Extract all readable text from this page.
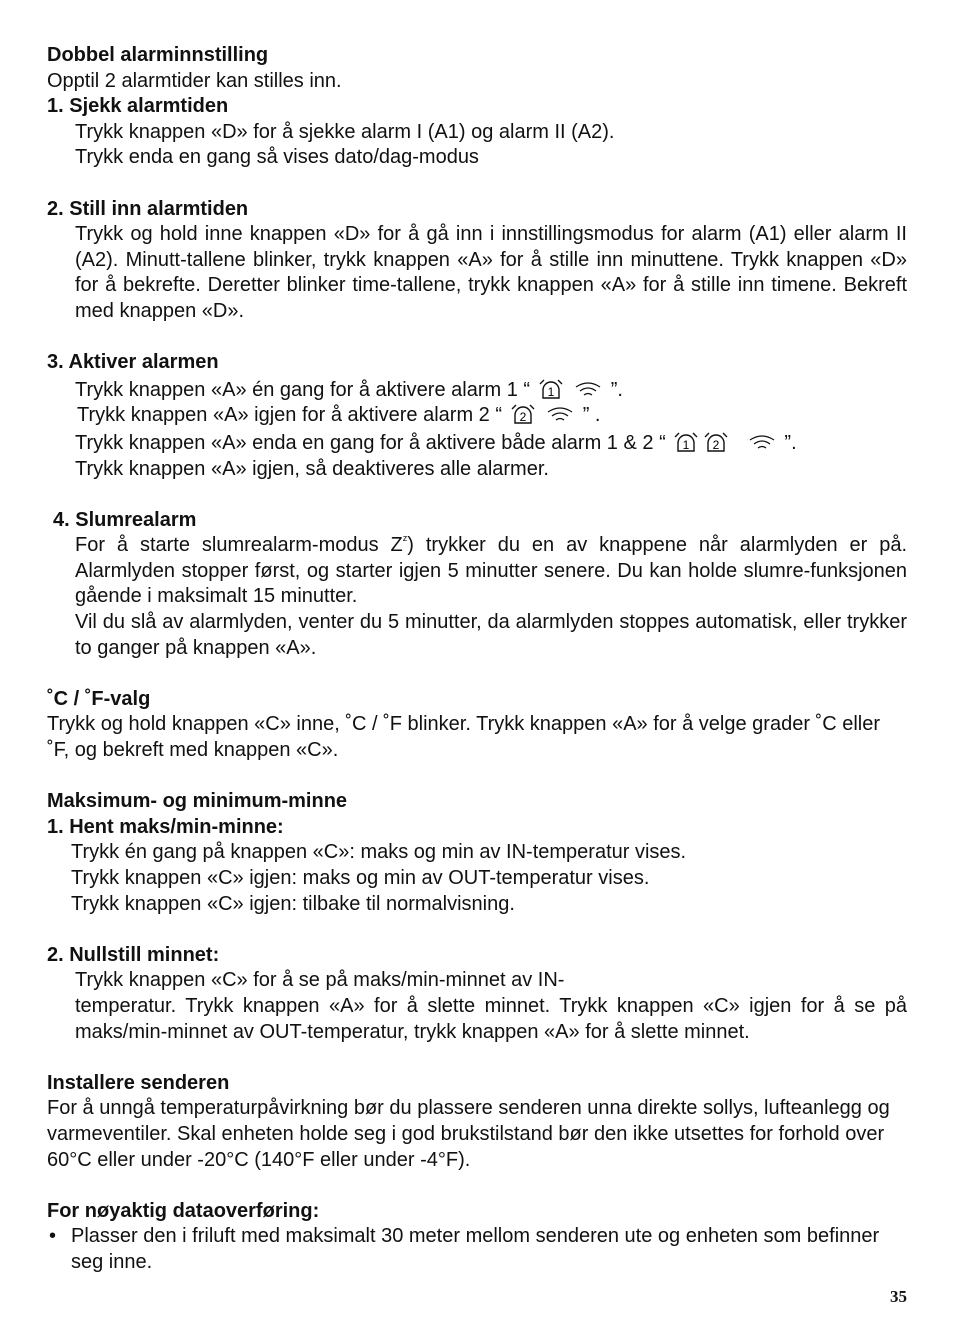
Dobbel alarminnstilling
Opptil 2 alarmtider kan stilles inn.
1. Sjekk alarmtiden
Trykk knappen «D» for å sjekke alarm I (A1) og alarm II (A2).
Trykk enda en gang så vises dato/dag-modus
2. Still inn alarmtiden
Trykk og hold inne knappen «D» for å gå inn i innstillingsmodus for alarm (A1) eller alarm II (A2). Minutt-tallene blinker, trykk knappen «A» for å stille inn minuttene. Trykk knappen «D» for å bekrefte. Deretter blinker time-tallene, trykk knappen «A» for å stille inn timene. Bekreft med knappen «D».
3. Aktiver alarmen
Trykk knappen «A» én gang for å aktivere alarm 1 “ 1	”.
Trykk knappen «A» igjen for å aktivere alarm 2 “ 2	” .
Trykk knappen «A» enda en gang for å aktivere både alarm 1 & 2 “ 1 2	”.
Trykk knappen «A» igjen, så deaktiveres alle alarmer.
4. Slumrealarm
For å starte slumrealarm-modus $Z^z$) trykker du en av knappene når alarmlyden er på. Alarmlyden stopper først, og starter igjen 5 minutter senere. Du kan holde slumre-funksjonen gående i maksimalt 15 minutter.
Vil du slå av alarmlyden, venter du 5 minutter, da alarmlyden stoppes automatisk, eller trykker to ganger på knappen «A».
˚C / ˚F-valg
Trykk og hold knappen «C» inne, ˚C / ˚F blinker. Trykk knappen «A» for å velge grader ˚C eller ˚F, og bekreft med knappen «C».
Maksimum- og minimum-minne
1. Hent maks/min-minne:
Trykk én gang på knappen «C»: maks og min av IN-temperatur vises.
Trykk knappen «C» igjen: maks og min av OUT-temperatur vises.
Trykk knappen «C» igjen: tilbake til normalvisning.
2. Nullstill minnet:
Trykk knappen «C» for å se på maks/min-minnet av IN-
temperatur. Trykk knappen «A» for å slette minnet. Trykk knappen «C» igjen for å se på maks/min-minnet av OUT-temperatur, trykk knappen «A» for å slette minnet.
Installere senderen
For å unngå temperaturpåvirkning bør du plassere senderen unna direkte sollys, lufteanlegg og varmeventiler. Skal enheten holde seg i god brukstilstand bør den ikke utsettes for forhold over 60°C eller under -20°C (140°F eller under -4°F).
For nøyaktig dataoverføring:
• Plasser den i friluft med maksimalt 30 meter mellom senderen ute og enheten som befinner seg inne.
35
